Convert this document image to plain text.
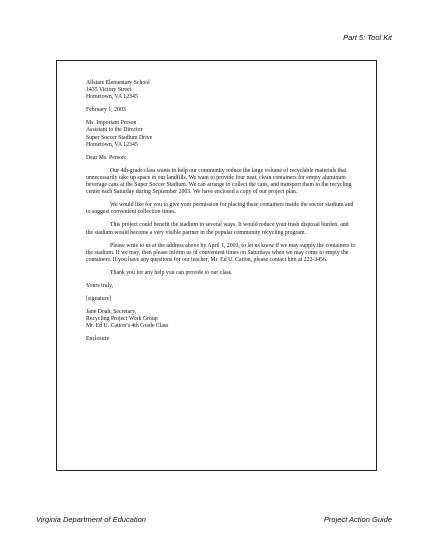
Part 5: Tool Kit

Allstars Elementary School

1435 Victory Street

Hometown, VA 12345

February 1, 2003

Ms. Important Person

Assistant to the Director

Super Soccer Stadium Drive

Hometown, VA 12345

Dear Ms. Person:

Our 4th-grade class wants to help our community reduce the large volume of recyclable materials that unnecessarily take up space in our landfills. We want to provide four neat, clean containers for empty aluminum beverage cans at the Super Soccer Stadium. We can arrange to collect the cans, and transport them to the recycling center each Saturday during September 2003. We have enclosed a copy of our project plan.

We would like for you to give your permission for placing these containers inside the soccer stadium and to suggest convenient collection times.

This project could benefit the stadium in several ways. It would reduce your trash disposal burden, and the stadium would become a very visible partner in the popular community recycling program.

Please write to us at the address above by April 1, 2003, to let us know if we may supply the containers to the stadium. If we may, then please inform us of convenient times on Saturdays when we may come to empty the containers. If you have any questions for our teacher, Mr. Ed U. Cation, please contact him at 222-3456.

Thank you for any help you can provide to our class.

Yours truly,

[signature]

Jane Doah, Secretary,

Recycling Project Work Group

Mr. Ed U. Cation’s 4th Grade Class

Enclosure

Virginia Department of Education	Project Action Guide
